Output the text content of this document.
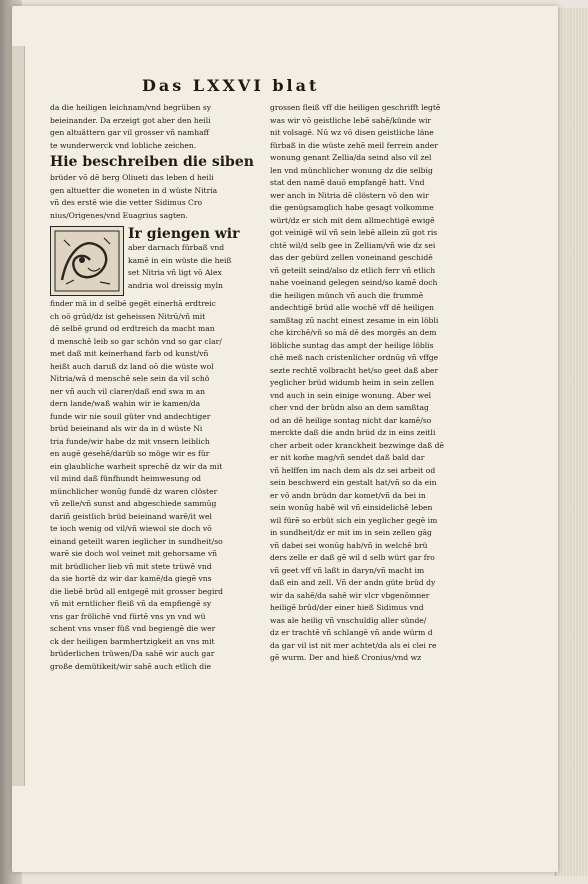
Das LXXVI blat
da die heiligen leichnam/vnd begrüben sy
beieinander. Da erzeigt got aber den heili
gen altuättern gar vil grosser vñ namhaff
te wunderwerck vnd lobliche zeichen.
Hie beschreiben die siben
brüder vō dē berg Oliueti das leben d heili
gen altuetter die woneten in d wüste Nitria
vñ des erstē wie die vetter Sidimus Cro
nius/Origenes/vnd Euagrius sagten.
Ir giengen wir
aber darnach fürbaß vnd
kamē in ein wüste die heiß
set Nitria vñ ligt vō Alex
andria wol dreissig myln
finder mā in d selbē gegēt einerhā erdtreic
ch oō grūd/dz ist geheissen Nitrū/vñ mit
dē selbē grund od erdtreich da macht man
d menschē leib so gar schön vnd so gar clar/
met daß mit keinerhand farb od kunst/vñ
heißt auch daruß dz land oō die wüste wol
Nitria/wā d menschē sele sein da vil schö
ner vñ auch vil clarer/daß end swa m an
dern lande/waß wahin wir ie kamen/da
funde wir nie souil güter vnd andechtiger
brüd beieinand als wir da in d wüste Ni
tria funde/wir habe dz mit vnsern leiblich
en augē gesehē/darüb so möge wir es für
ein glaubliche warheit sprechē dz wir da mit
vil mind daß fünfhundt heimwesung od
münchlicher wonūg fundē dz waren clöster
vñ zelle/vñ sunst and abgeschiede sammūg
dariñ geistlich brüd beieinand warē/it wel
te ioch wenig od vil/vñ wiewol sie doch vō
einand geteilt waren ieglicher in sundheit/so
warē sie doch wol veinet mit gehorsame vñ
mit brüdlicher lieb vñ mit stete trüwē vnd
da sie hortē dz wir dar kamē/da giegē vns
die liebē brüd all entgegē mit grosser begird
vñ mit erntlicher fleiß vñ da empfiengē sy
vns gar frölichē vnd fürtē vns yn vnd wü
schent vns vnser füß vnd begiengē die wer
ck der heiligen barmhertzigkeit an vns mit
brüderlichen trüwen/Da sahē wir auch gar
große demütikeit/wir sahē auch etlich die
grossen fleiß vff die heiligen geschrifft legtē
was wir vō geistliche lebē sahē/künde wir
nit volsagē. Nū wz vō disen geistliche läne
fürbaß in die wüste zehē meil ferrein ander
wonung genant Zellia/da seind also vil zel
len vnd münchlicher wonung dz die selbig
stat den namē dauō empfangē hatt. Vnd
wer anch in Nitria dē clöstern vō den wir
die genügsamglich habe gesagt volkomme
würt/dz er sich mit dem allmechtigē ewigē
got veinigē wil vñ sein lebē allein zū got ris
chtē wil/d selb gee in Zelliam/vñ wie dz sei
das der gebürd zellen voneinand geschidē
vñ geteilt seind/also dz etlich ferr vñ etlich
nahe voeinand gelegen seind/so kamē doch
die heiligen münch vñ auch die frummē
andechtigē brüd alle wochē vff dē heiligen
samßtag zū nacht einest zesame in ein löbli
che kirchē/vñ so mā dē des morgēs an dem
löbliche suntag das ampt der heilige löblis
chē meß nach cristenlicher ordnūg vñ vffge
sezte rechtē volbracht het/so geet daß aber
yeglicher brüd widumb heim in sein zellen
vnd auch in sein einige wonung. Aber wel
cher vnd der brüdn also an dem samßtag
od an dē heilige sontag nicht dar kamē/so
merckte daß die andn brüd dz in eins zeitli
cher arbeit oder kranckheit bezwinge daß dē
er nit kom̄e mag/vñ sendet daß bald dar
vñ helffen im nach dem als dz sei arbeit od
sein beschwerd ein gestalt hat/vñ so da ein
er vō andn brüdn dar komet/vñ da bei in
sein wonūg habē wil vñ einsidelichē leben
wil fürē so erbüt sich ein yeglicher gegē im
in sundheit/dz er mit im in sein zellen gāg
vñ dabei sei wonūg hab/vñ in welchē brü
ders zelle er daß gē wil d selb würt gar fro
vñ geet vff vñ laßt in daryn/vñ macht im
daß ein and zell. Vñ der andn güte brüd dy
wir da sahē/da sahē wir vlcr vbgenōmner
heiligē brüd/der einer hieß Sidimus vnd
was ale heilig vñ vnschuldig aller sünde/
dz er trachtē vñ schlangē vñ ande würm d
da gar vil ist nit mer achtet/da als ei clei re
gē wurm. Der and hieß Cronius/vnd wz
